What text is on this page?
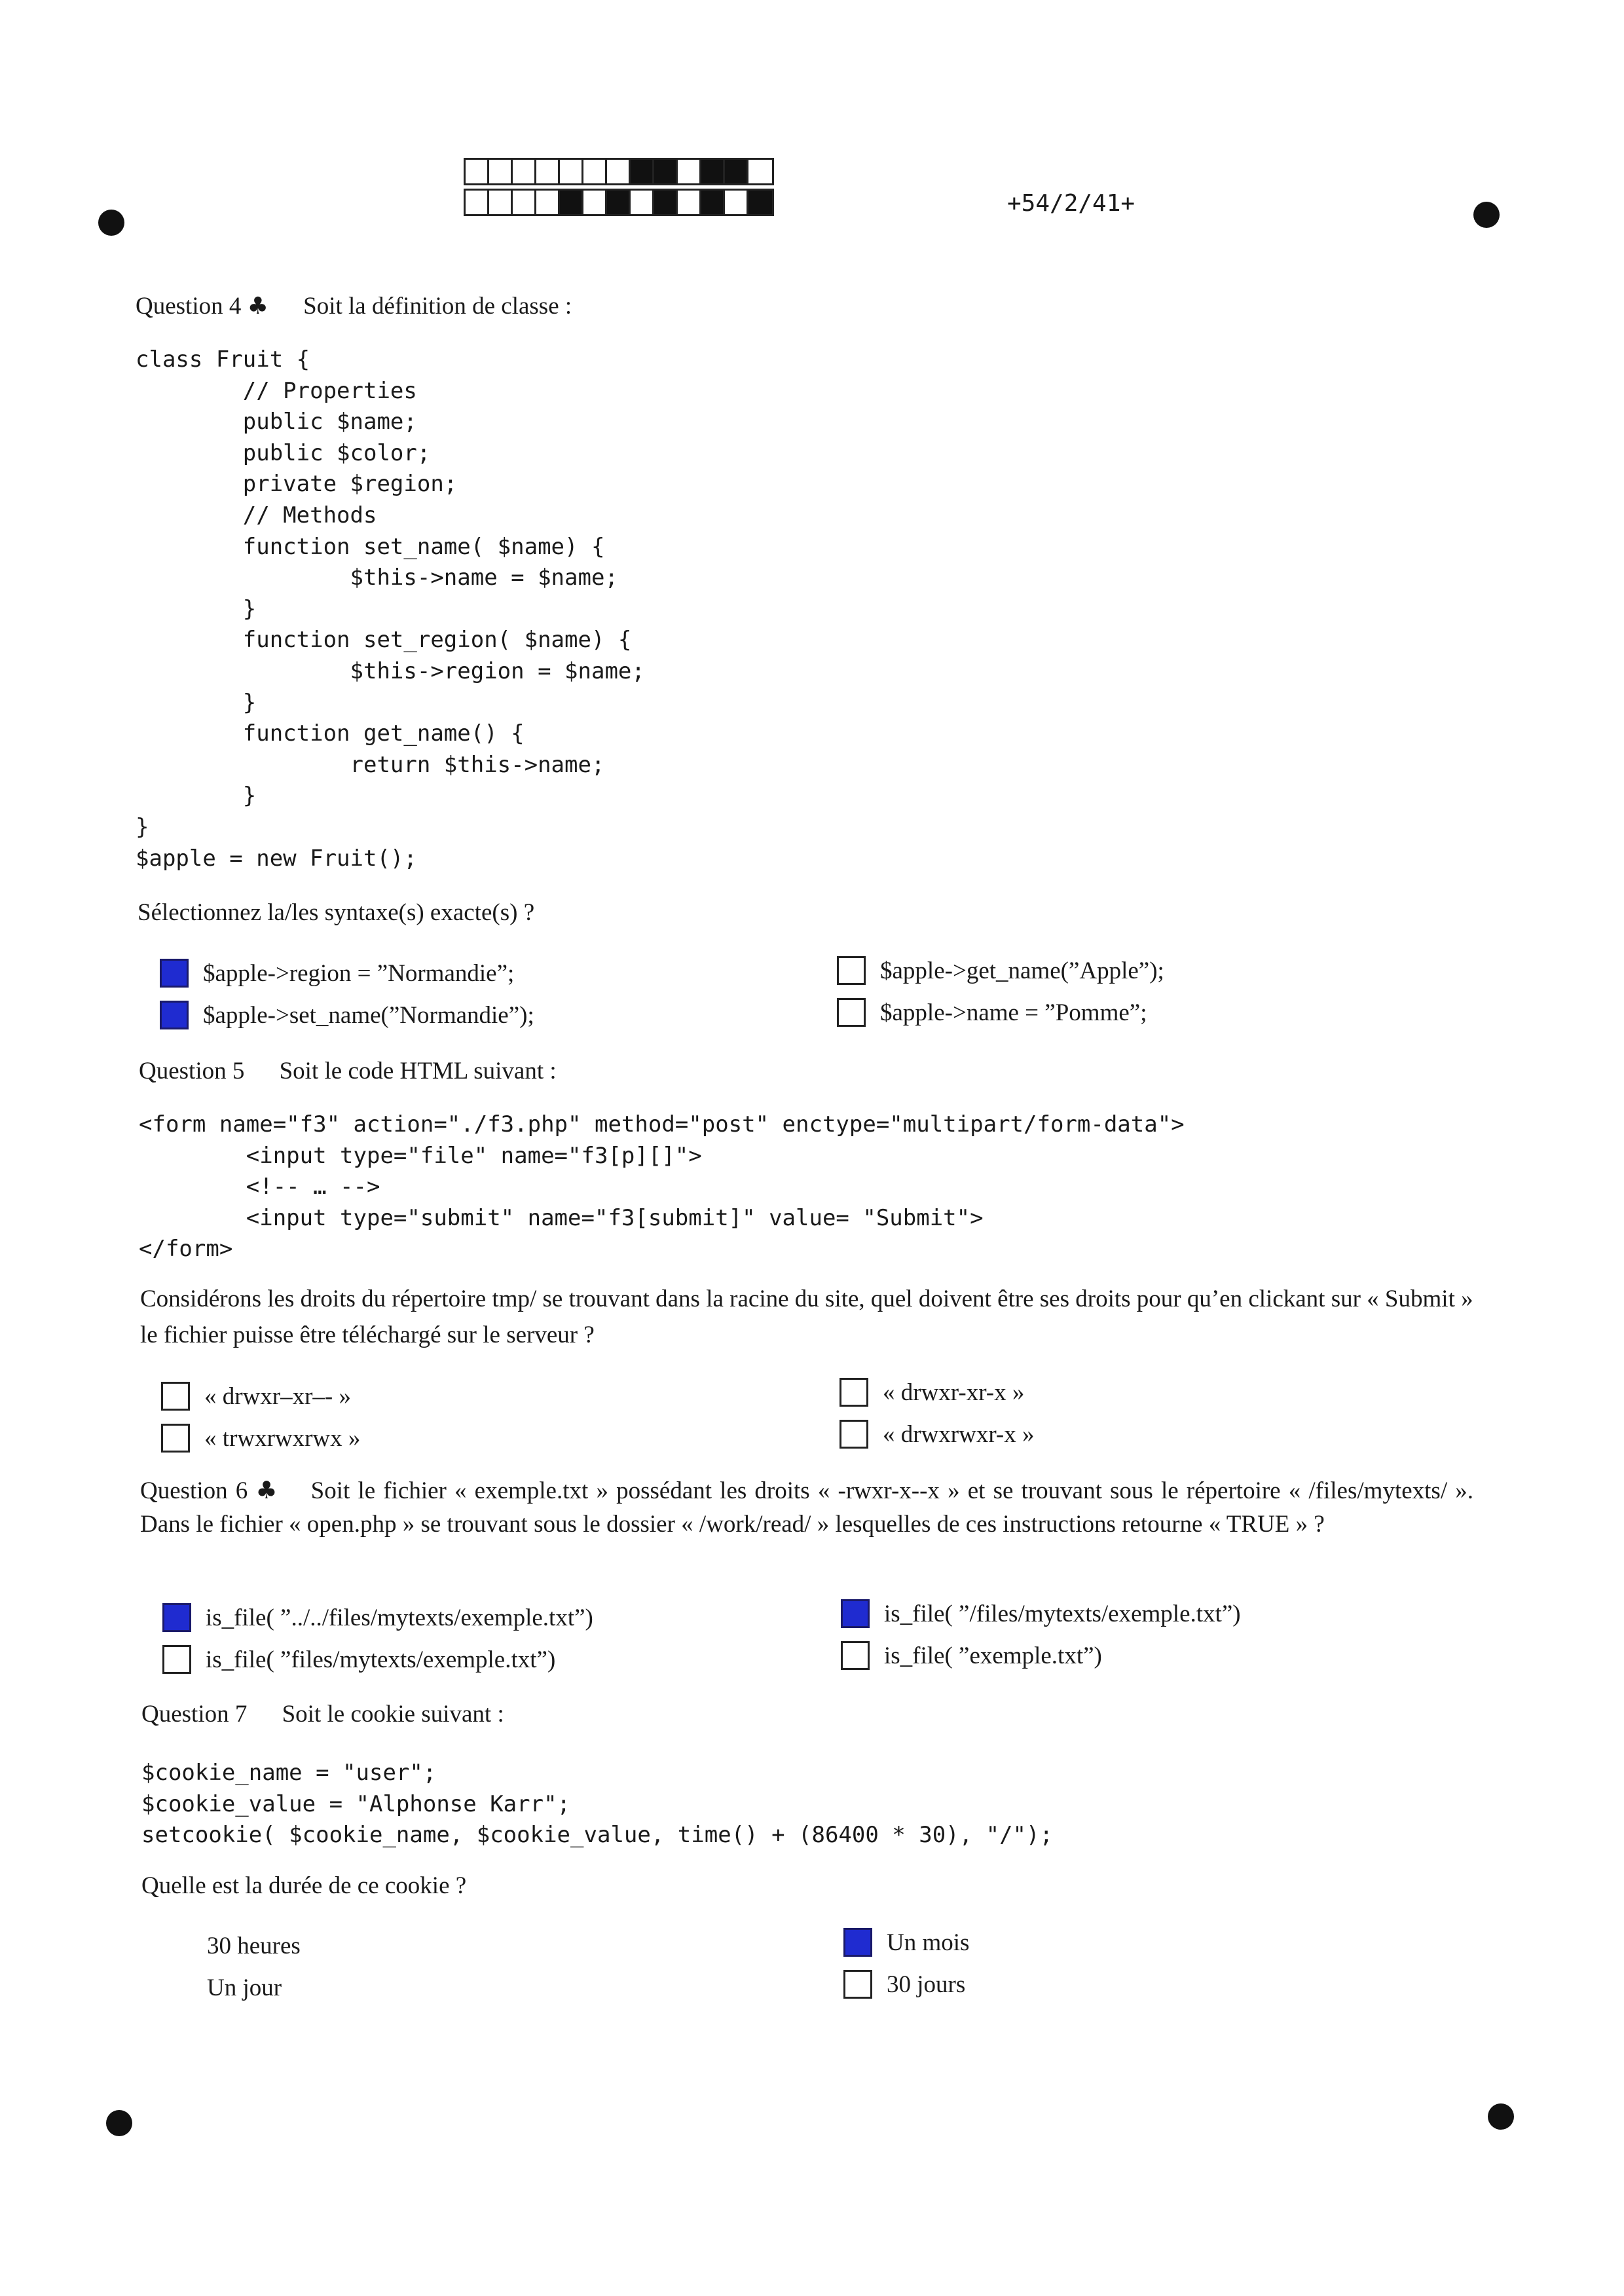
+54/2/41+
Question 4 ♣ Soit la définition de classe :
class Fruit {
// Properties
public $name;
public $color;
private $region;
// Methods
function set_name( $name) {
$this->name = $name;
}
function set_region( $name) {
$this->region = $name;
}
function get_name() {
return $this->name;
}
}
$apple = new Fruit();
Sélectionnez la/les syntaxe(s) exacte(s) ?
$apple->region = ”Normandie”;
$apple->set_name(”Normandie”);
$apple->get_name(”Apple”);
$apple->name = ”Pomme”;
Question 5 Soit le code HTML suivant :
<form name="f3" action="./f3.php" method="post" enctype="multipart/form-data">
<input type="file" name="f3[p][]">
<!-- … -->
<input type="submit" name="f3[submit]" value= "Submit">
</form>
Considérons les droits du répertoire tmp/ se trouvant dans la racine du site, quel doivent être ses droits pour qu’en clickant sur « Submit » le fichier puisse être téléchargé sur le serveur ?
« drwxr–xr–- »
« trwxrwxrwx »
« drwxr-xr-x »
« drwxrwxr-x »
Question 6 ♣ Soit le fichier « exemple.txt » possédant les droits « -rwxr-x--x » et se trouvant sous le répertoire « /files/mytexts/ ». Dans le fichier « open.php » se trouvant sous le dossier « /work/read/ » lesquelles de ces instructions retourne « TRUE » ?
is_file( ”../../files/mytexts/exemple.txt”)
is_file( ”files/mytexts/exemple.txt”)
is_file( ”/files/mytexts/exemple.txt”)
is_file( ”exemple.txt”)
Question 7 Soit le cookie suivant :
$cookie_name = "user";
$cookie_value = "Alphonse Karr";
setcookie( $cookie_name, $cookie_value, time() + (86400 * 30), "/");
Quelle est la durée de ce cookie ?
30 heures
Un jour
Un mois
30 jours
